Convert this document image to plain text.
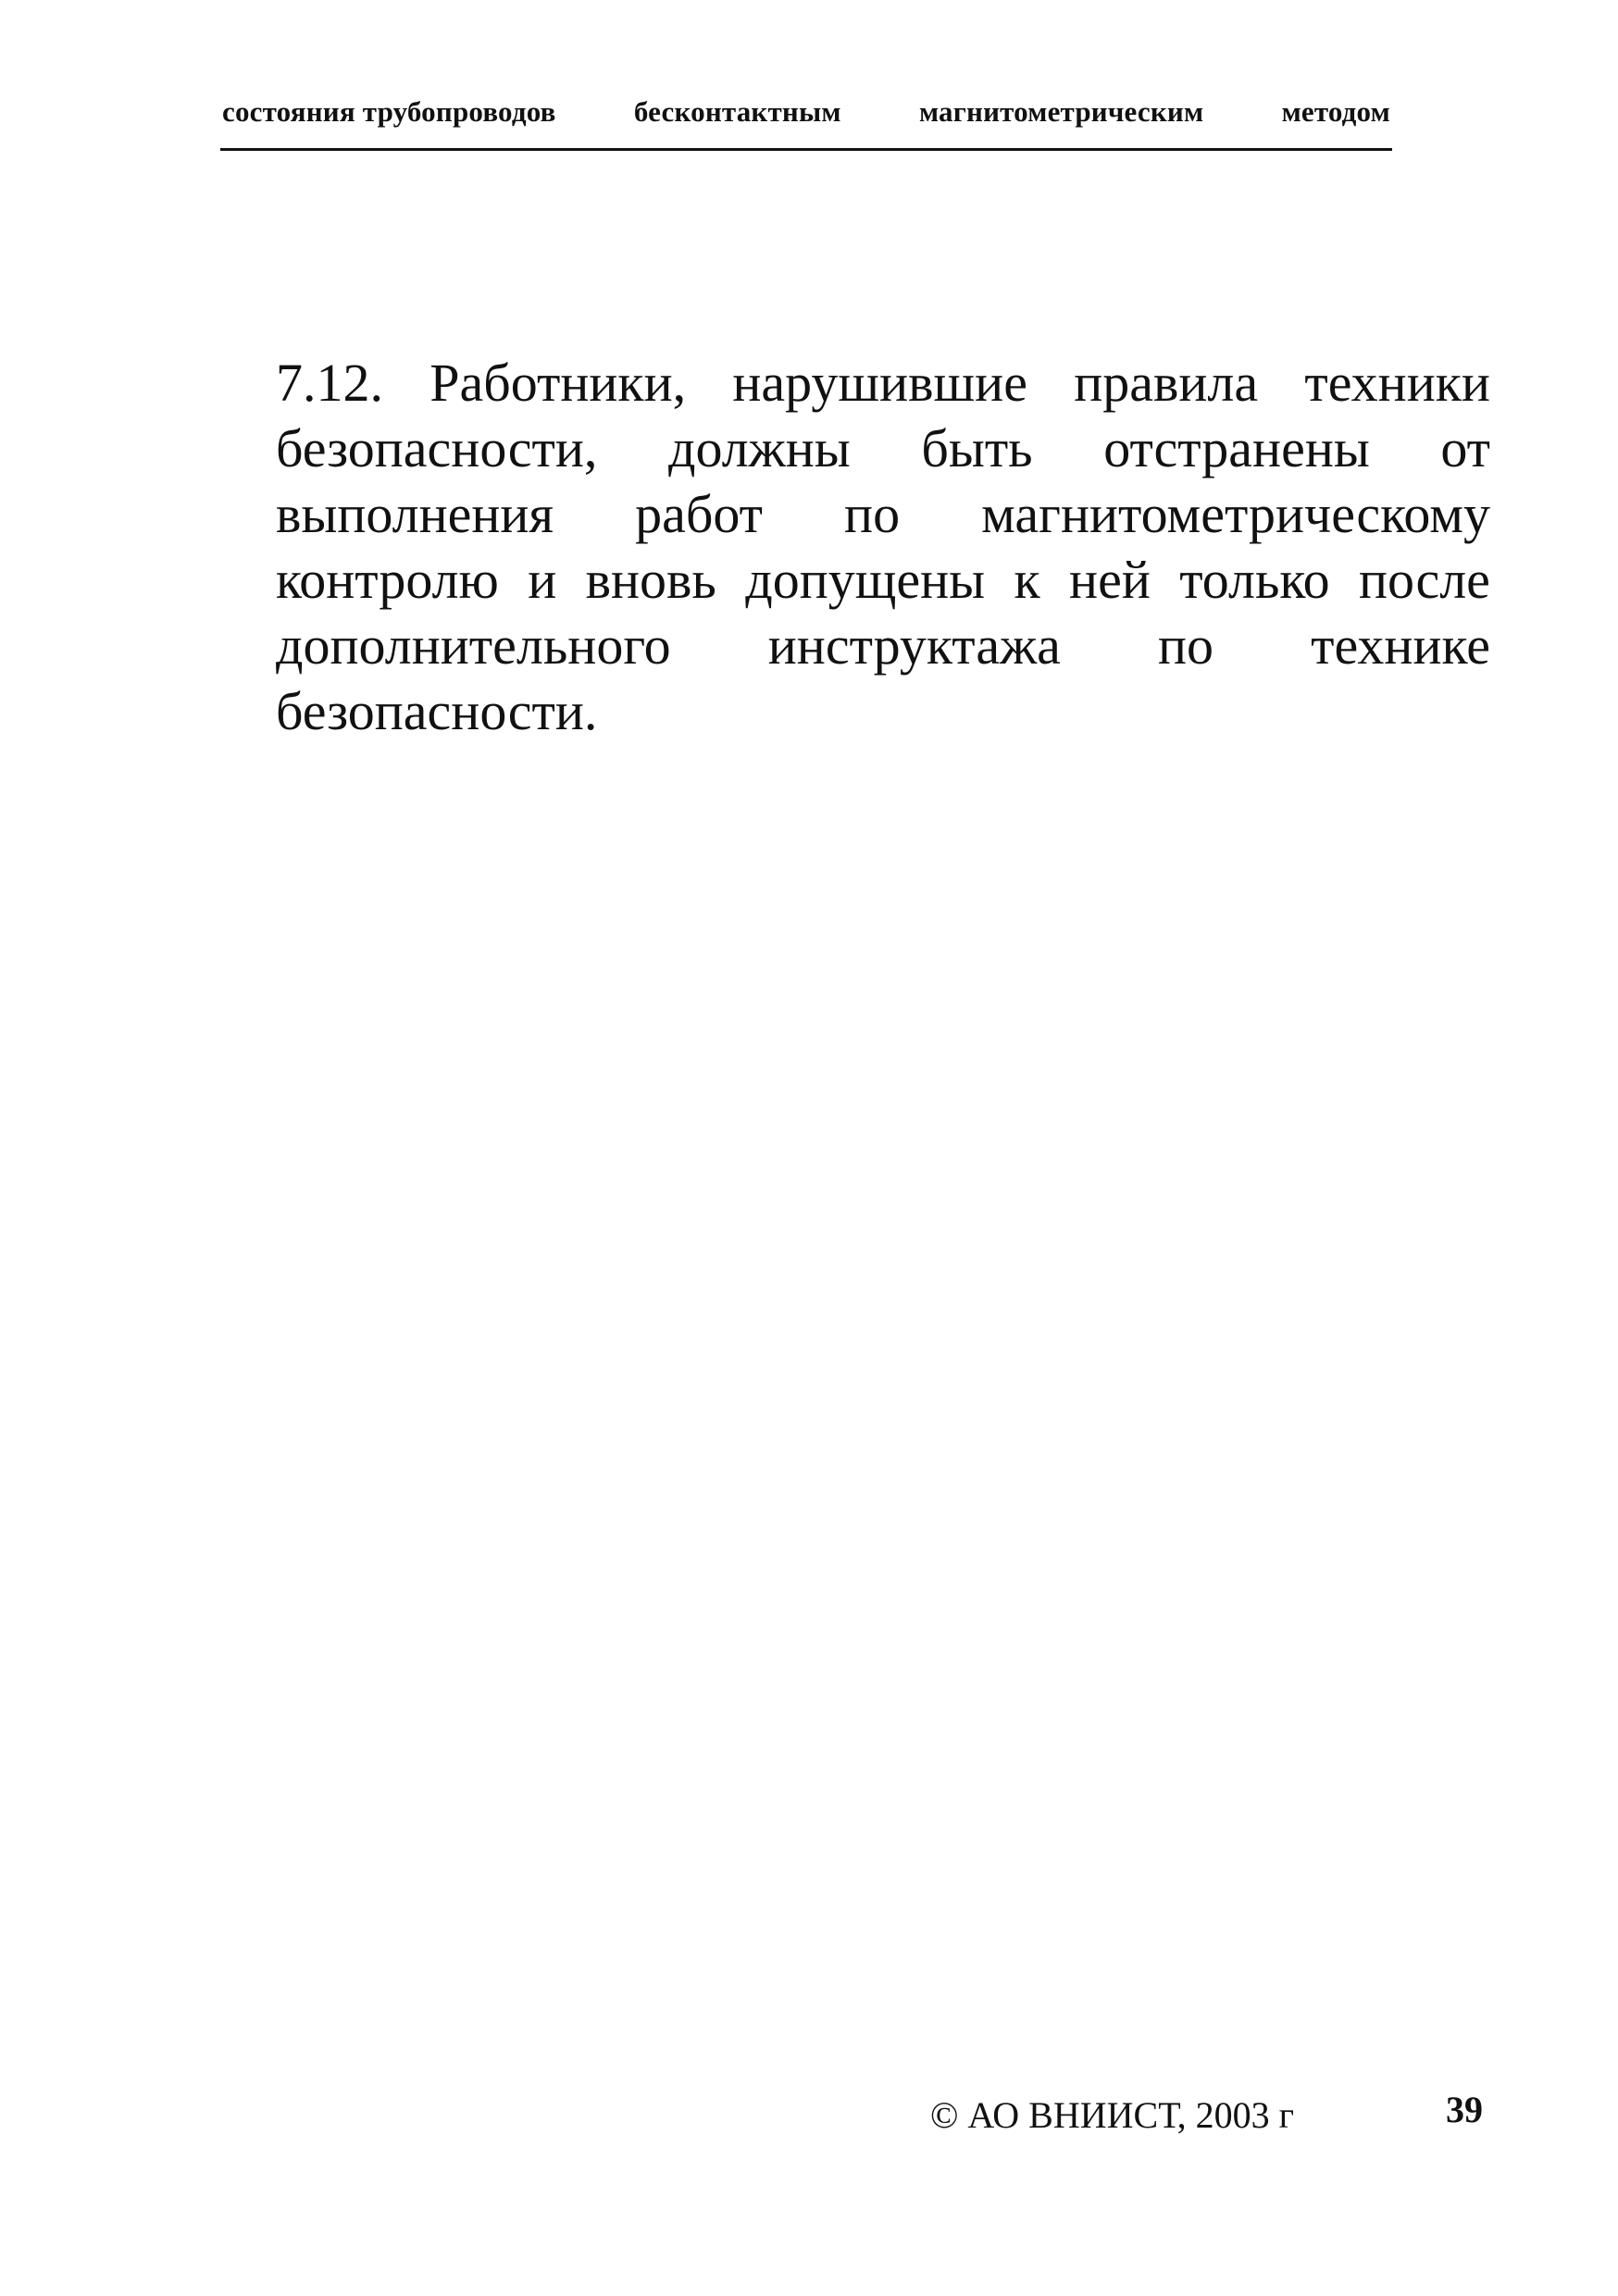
состояния трубопроводов	бесконтактным	магнитометрическим	методом
7.12. Работники, нарушившие правила техники
безопасности, должны быть отстранены от
выполнения работ по магнитометрическому
контролю и вновь допущены к ней только после
дополнительного инструктажа по технике
безопасности.
© АО ВНИИСТ, 2003 г	39
